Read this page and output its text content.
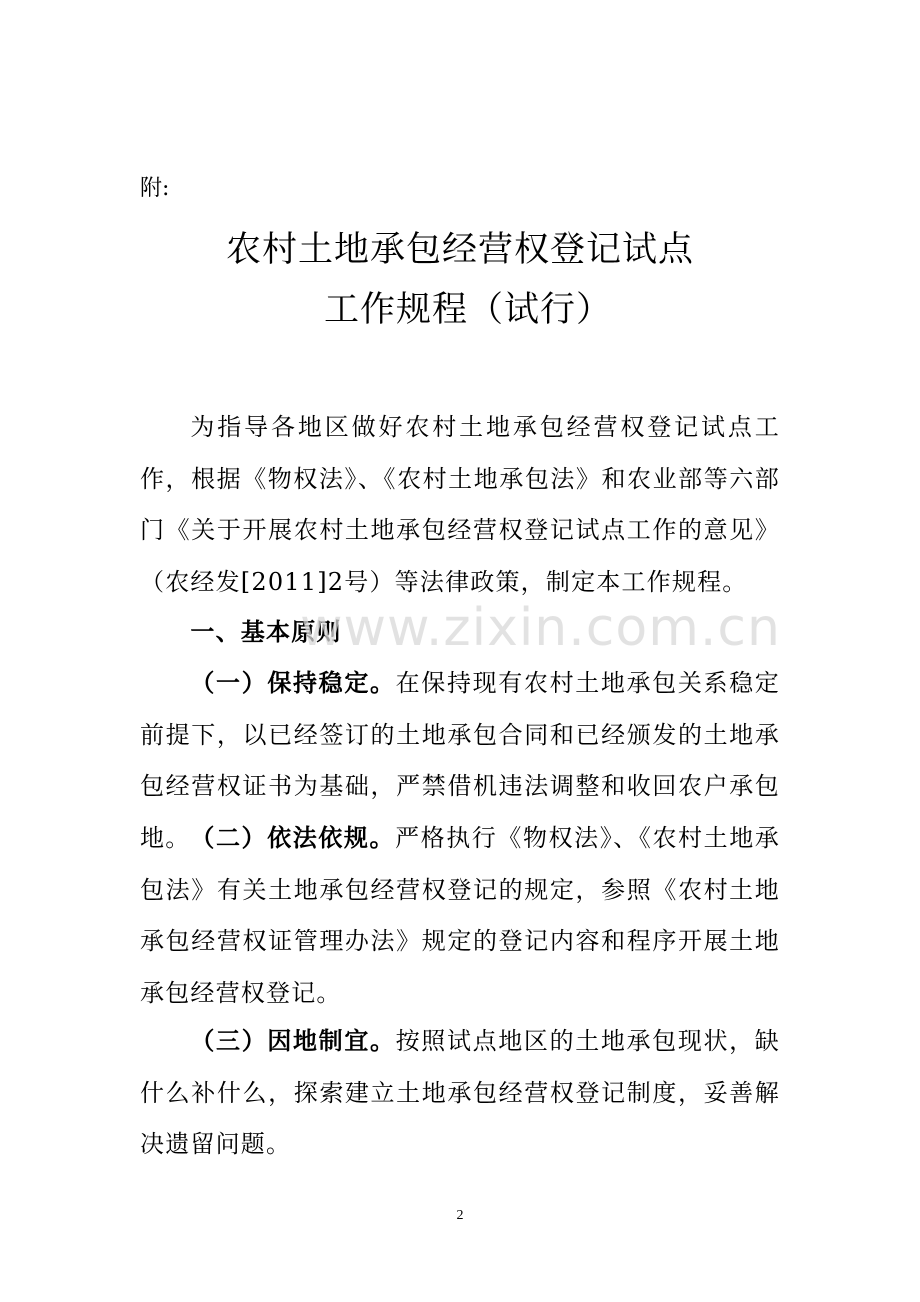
附:
农村土地承包经营权登记试点
工作规程（试行）

为指导各地区做好农村土地承包经营权登记试点工作，根据《物权法》、《农村土地承包法》和农业部等六部门《关于开展农村土地承包经营权登记试点工作的意见》（农经发[2011]2号）等法律政策，制定本工作规程。

一、基本原则

（一）保持稳定。在保持现有农村土地承包关系稳定前提下，以已经签订的土地承包合同和已经颁发的土地承包经营权证书为基础，严禁借机违法调整和收回农户承包地。 （二）依法依规。严格执行《物权法》、《农村土地承包法》有关土地承包经营权登记的规定，参照《农村土地承包经营权证管理办法》规定的登记内容和程序开展土地承包经营权登记。

（三）因地制宜。按照试点地区的土地承包现状，缺什么补什么，探索建立土地承包经营权登记制度，妥善解决遗留问题。

www.zixin.com.cn
2
